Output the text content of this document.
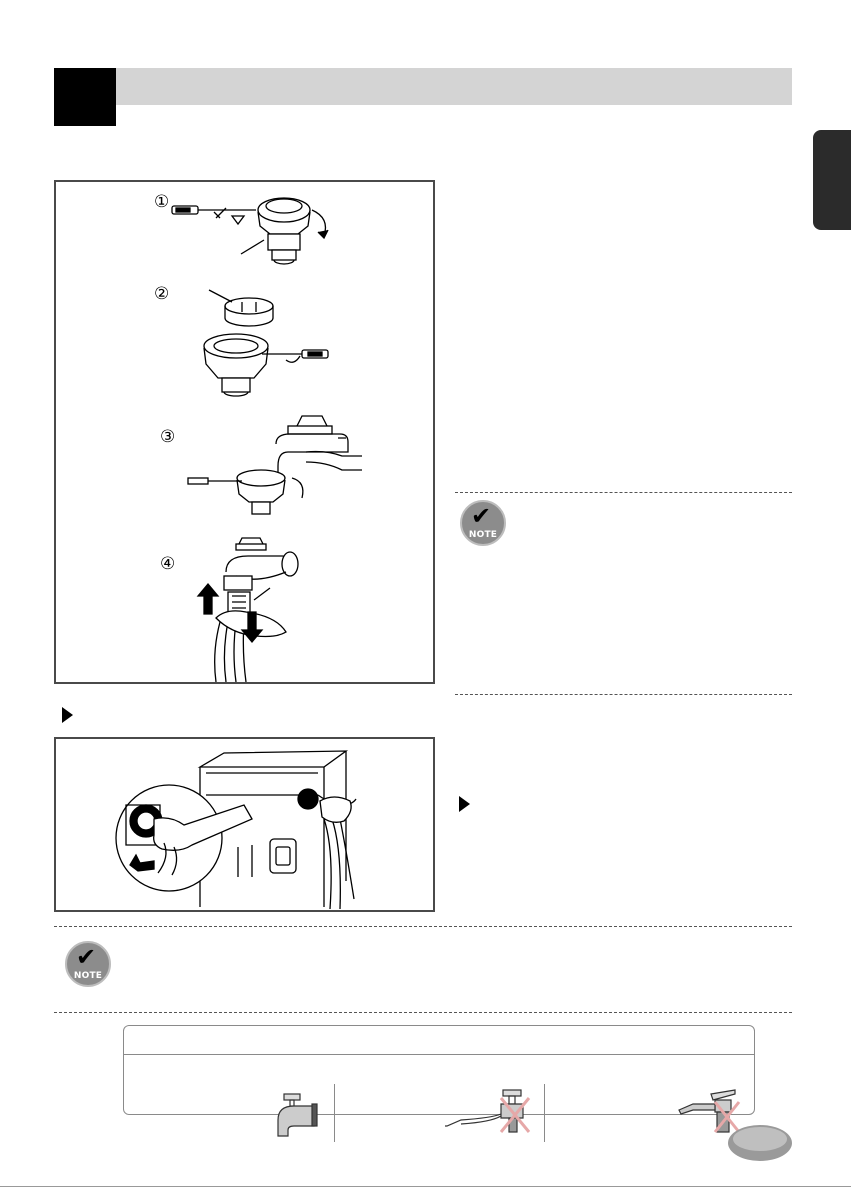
①
②
③
④
✔
NOTE
✔
NOTE
